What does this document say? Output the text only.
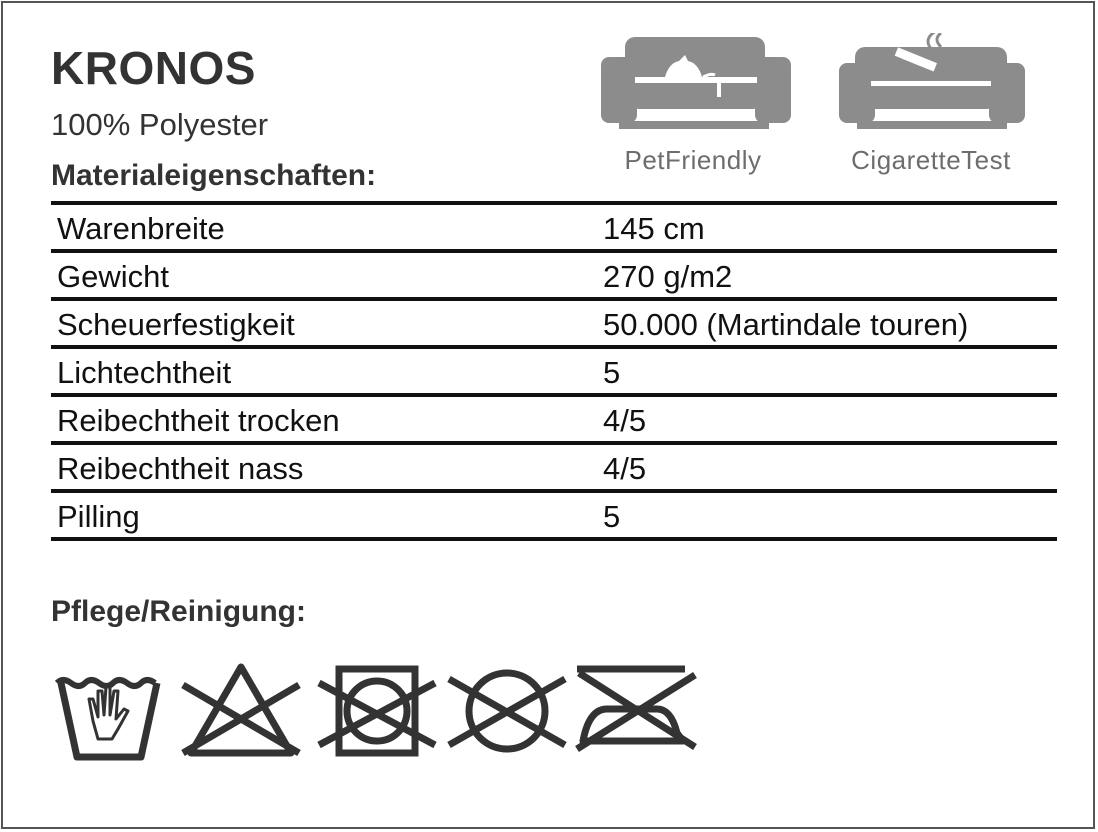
KRONOS
100% Polyester
PetFriendly	CigaretteTest
Materialeigenschaften:
Warenbreite	145 cm
Gewicht	270 g/m2
Scheuerfestigkeit	50.000 (Martindale touren)
Lichtechtheit	5
Reibechtheit trocken	4/5
Reibechtheit nass	4/5
Pilling	5
Pflege/Reinigung:
